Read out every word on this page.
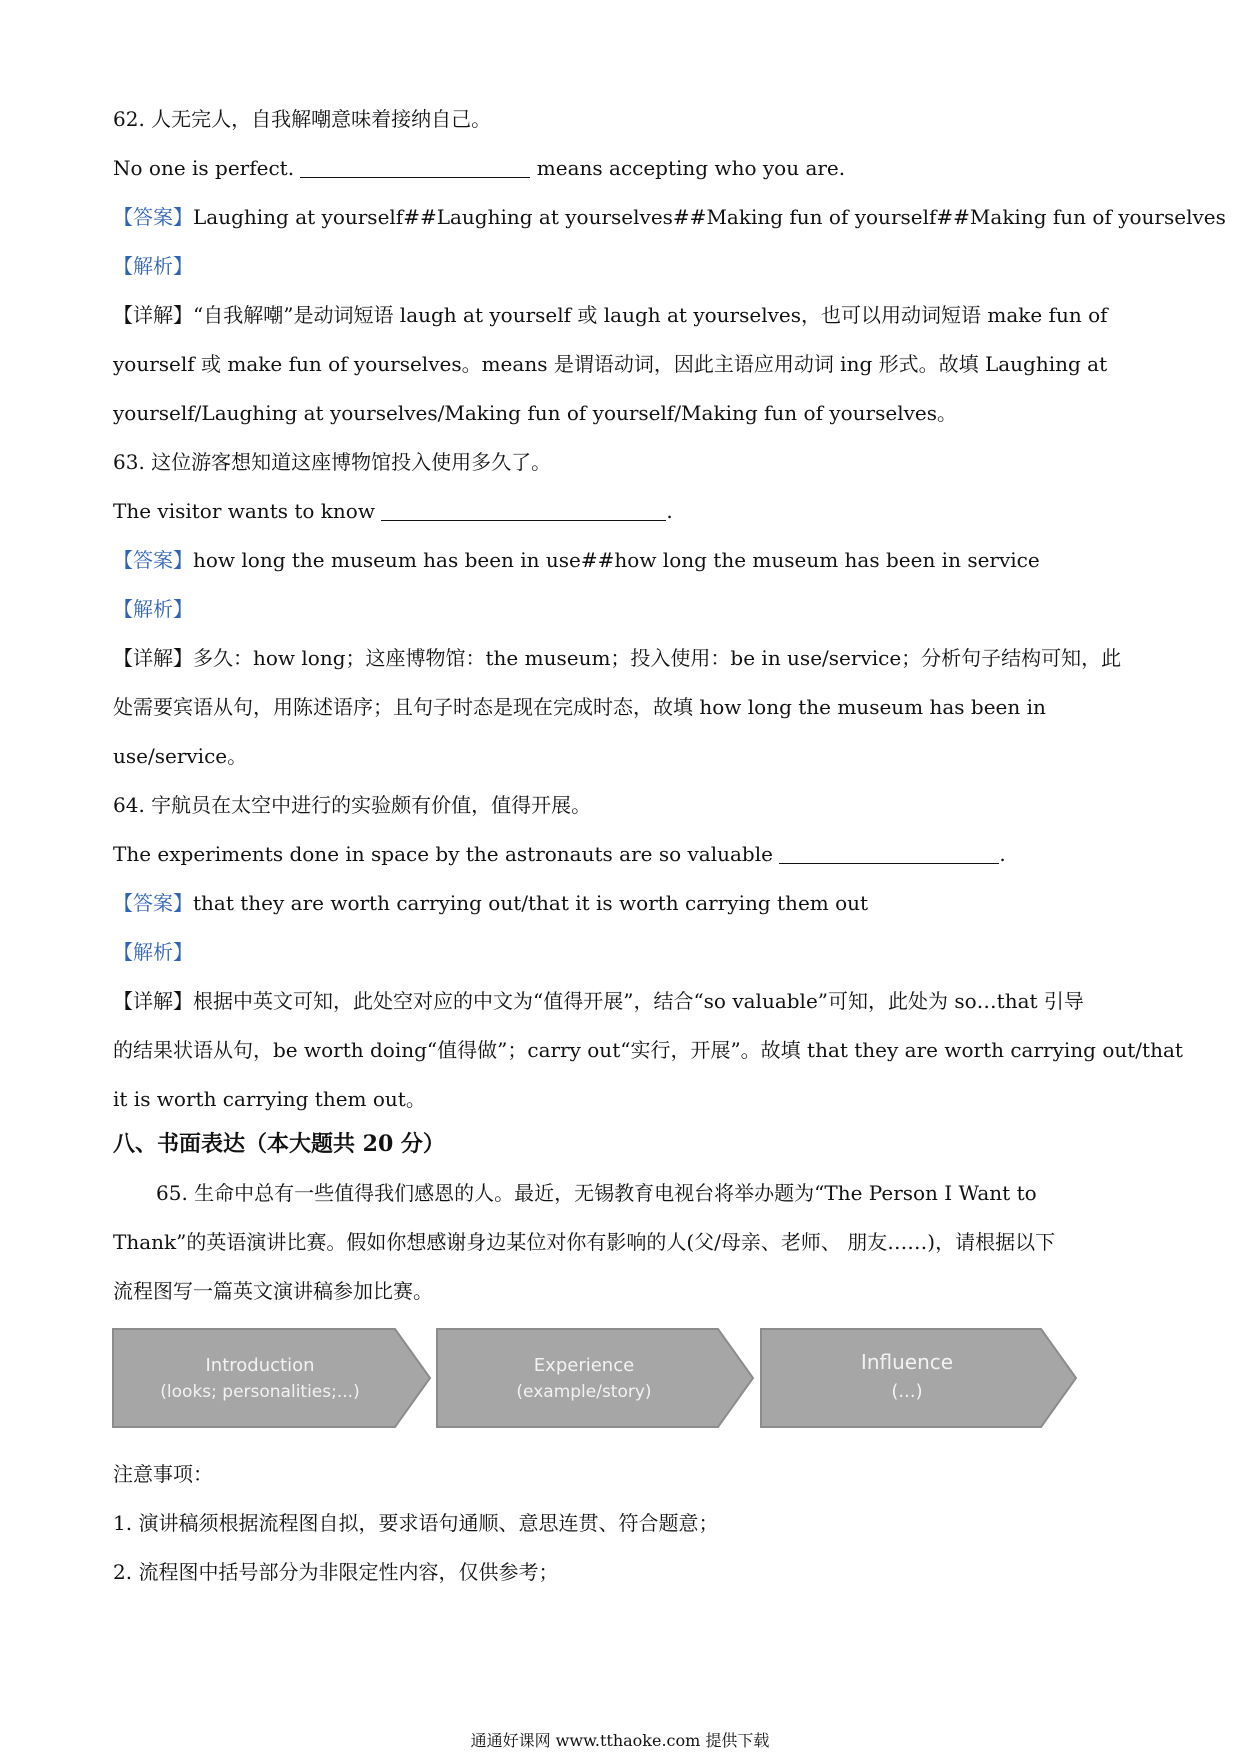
62. 人无完人，自我解嘲意味着接纳自己。
No one is perfect.	means accepting who you are.
【答案】Laughing at yourself##Laughing at yourselves##Making fun of yourself##Making fun of yourselves
【解析】
【详解】“自我解嘲”是动词短语 laugh at yourself 或 laugh at yourselves，也可以用动词短语 make fun of
yourself 或 make fun of yourselves。means 是谓语动词，因此主语应用动词 ing 形式。故填 Laughing at
yourself/Laughing at yourselves/Making fun of yourself/Making fun of yourselves。
63. 这位游客想知道这座博物馆投入使用多久了。
The visitor wants to know	.
【答案】how long the museum has been in use##how long the museum has been in service
【解析】
【详解】多久：how long；这座博物馆：the museum；投入使用：be in use/service；分析句子结构可知，此
处需要宾语从句，用陈述语序；且句子时态是现在完成时态，故填 how long the museum has been in
use/service。
64. 宇航员在太空中进行的实验颇有价值，值得开展。
The experiments done in space by the astronauts are so valuable	.
【答案】that they are worth carrying out/that it is worth carrying them out
【解析】
【详解】根据中英文可知，此处空对应的中文为“值得开展”，结合“so valuable”可知，此处为 so…that 引导
的结果状语从句，be worth doing“值得做”；carry out“实行，开展”。故填 that they are worth carrying out/that
it is worth carrying them out。
八、书面表达（本大题共 20 分）
65. 生命中总有一些值得我们感恩的人。最近，无锡教育电视台将举办题为“The Person I Want to
Thank”的英语演讲比赛。假如你想感谢身边某位对你有影响的人(父/母亲、老师、 朋友……)，请根据以下
流程图写一篇英文演讲稿参加比赛。
Introduction
(looks; personalities;...)
Experience
(example/story)
Influence
(...)
注意事项：
1. 演讲稿须根据流程图自拟，要求语句通顺、意思连贯、符合题意；
2. 流程图中括号部分为非限定性内容，仅供参考；
通通好课网 www.tthaoke.com 提供下载
